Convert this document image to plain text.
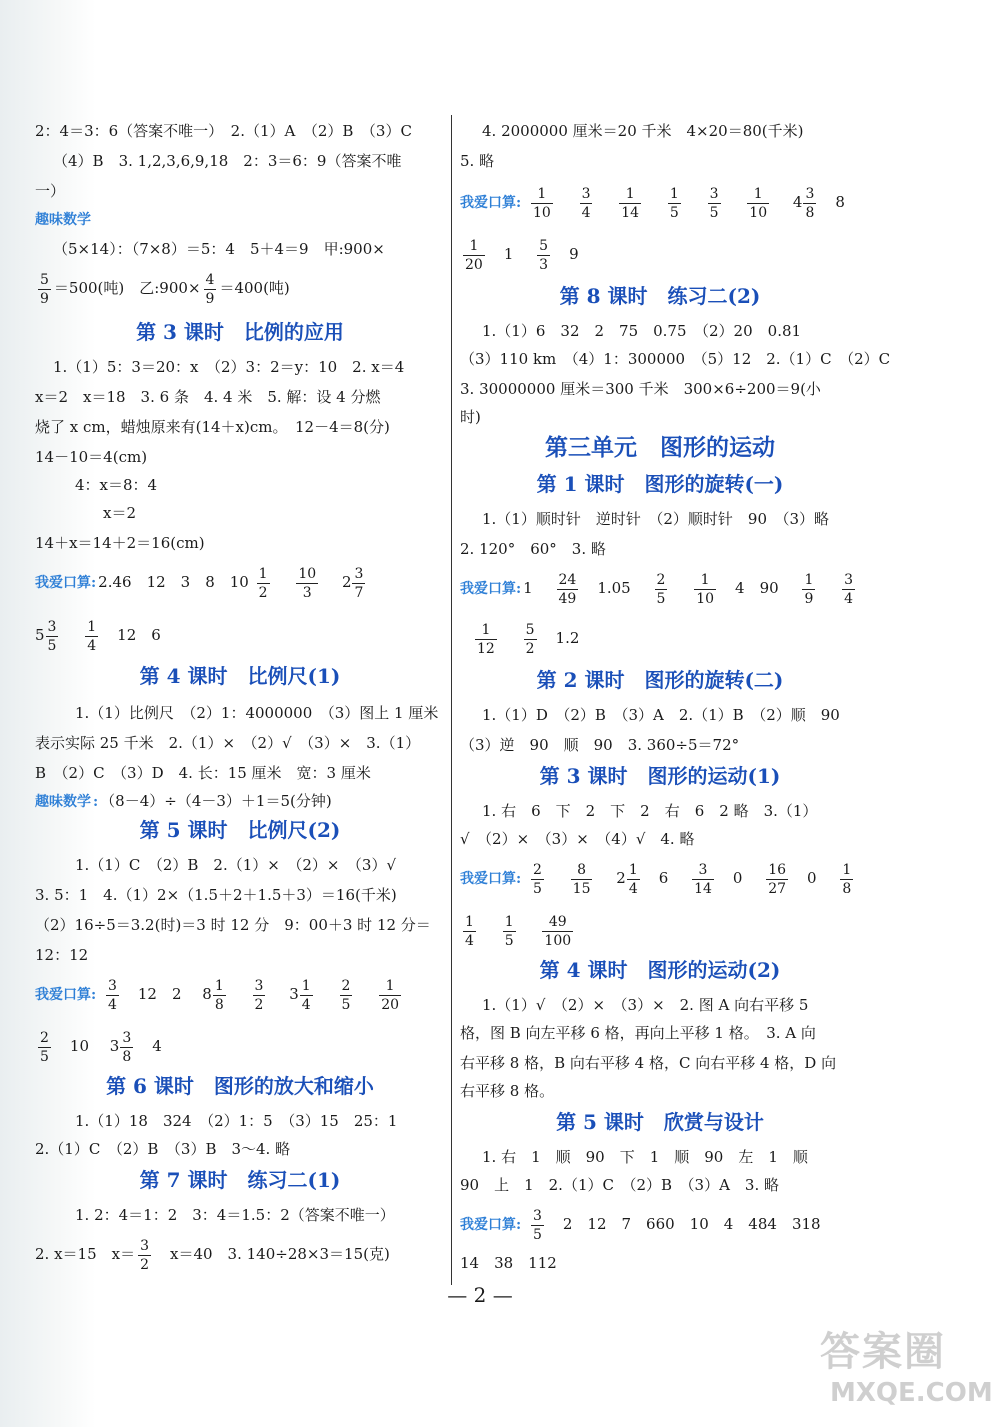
2：4＝3：6（答案不唯一）　2.（1）A　（2）B　（3）C
（4）B　3. 1,2,3,6,9,18　2：3＝6：9（答案不唯
一）
趣味数学
（5×14）：（7×8）＝5：4　5＋4＝9　甲:900×
$\frac{5}{9} =500$(吨)　乙:900× $\frac{4}{9} =400$(吨)
第 3 课时　比例的应用
1.（1）5：3＝20：x　（2）3：2＝y：10　2. x＝4
x＝2　x＝18　3. 6 条　4. 4 米　5. 解：设 4 分燃
烧了 x cm，蜡烛原来有(14＋x)cm。　12－4＝8(分)
14－10＝4(cm)
4：x＝8：4
x＝2
14＋x＝14＋2＝16(cm)
我爱口算: 2.46　12　3　8　$10 \frac{1}{2}$
$\frac{10}{3} 2 \frac{3}{7}$
$5 \frac{3}{5}$
$\frac{1}{4} 12$　6
第 4 课时　比例尺(1)
1.（1）比例尺　（2）1：4000000　（3）图上 1 厘米
表示实际 25 千米　2.（1）×　（2）√　（3）×　3.（1）
B　（2）C　（3）D　4. 长：15 厘米　宽：3 厘米
趣味数学 : （8－4）÷（4－3）＋1＝5(分钟)
第 5 课时　比例尺(2)
1.（1）C　（2）B　2.（1）×　（2）×　（3）√
3. 5：1　4.（1）2×（1.5＋2＋1.5＋3）＝16(千米)
（2）16÷5＝3.2(时)＝3 时 12 分　9：00＋3 时 12 分＝
12：12
我爱口算: $\frac{3}{4} 12$　2 $8 \frac{1}{8}$
$\frac{3}{2} 3 \frac{1}{4}$
$\frac{2}{5}$
$\frac{1}{20}$
$\frac{2}{5} 10$ $3 \frac{3}{8} 4$
第 6 课时　图形的放大和缩小
1.（1）18　324　（2）1：5　（3）15　25：1
2.（1）C　（2）B　（3）B　3～4. 略
第 7 课时　练习二(1)
1. 2：4＝1：2　3：4＝1.5：2（答案不唯一）
2. x＝15　$x= \frac{3}{2} x=40$　3. 140÷28×3＝15(克)
4. 2000000 厘米＝20 千米　4×20＝80(千米)
5. 略
我爱口算: $\frac{1}{10}$
$\frac{3}{4}$
$\frac{1}{14}$
$\frac{1}{5}$
$\frac{3}{5}$
$\frac{1}{10} 4 \frac{3}{8} 8$
$\frac{1}{20} 1 \frac{5}{3} 9$
第 8 课时　练习二(2)
1.（1）6　32　2　75　0.75　（2）20　0.81
（3）110 km　（4）1：300000　（5）12　2.（1）C　（2）C
3. 30000000 厘米＝300 千米　300×6÷200＝9(小
时)
第三单元　图形的运动
第 1 课时　图形的旋转(一)
1.（1）顺时针　逆时针　（2）顺时针　90　（3）略
2. 120°　60°　3. 略
我爱口算: $1 \frac{24}{49} 1.05 \frac{2}{5}$
$\frac{1}{10} 4$　$90 \frac{1}{9}$
$\frac{3}{4}$
$\frac{1}{12}$
$\frac{5}{2} 1.2$
第 2 课时　图形的旋转(二)
1.（1）D　（2）B　（3）A　2.（1）B　（2）顺　90
（3）逆　90　顺　90　3. 360÷5＝72°
第 3 课时　图形的运动(1)
1. 右　6　下　2　下　2　右　6　2 略　3.（1）
√　（2）×　（3）×　（4）√　4. 略
我爱口算: $\frac{2}{5}$
$\frac{8}{15} 2 \frac{1}{4} 6 \frac{3}{14} 0 \frac{16}{27} 0 \frac{1}{8}$
$\frac{1}{4}$
$\frac{1}{5}$
$\frac{49}{100}$
第 4 课时　图形的运动(2)
1.（1）√　（2）×　（3）×　2. 图 A 向右平移 5
格，图 B 向左平移 6 格，再向上平移 1 格。　3. A 向
右平移 8 格，B 向右平移 4 格，C 向右平移 4 格，D 向
右平移 8 格。
第 5 课时　欣赏与设计
1. 右　1　顺　90　下　1　顺　90　左　1　顺
90　上　1　2.（1）C　（2）B　（3）A　3. 略
我爱口算: $\frac{3}{5} 2$　12　7　660　10　4　484　318
14　38　112
— 2 —
答案圈
MXQE.COM
